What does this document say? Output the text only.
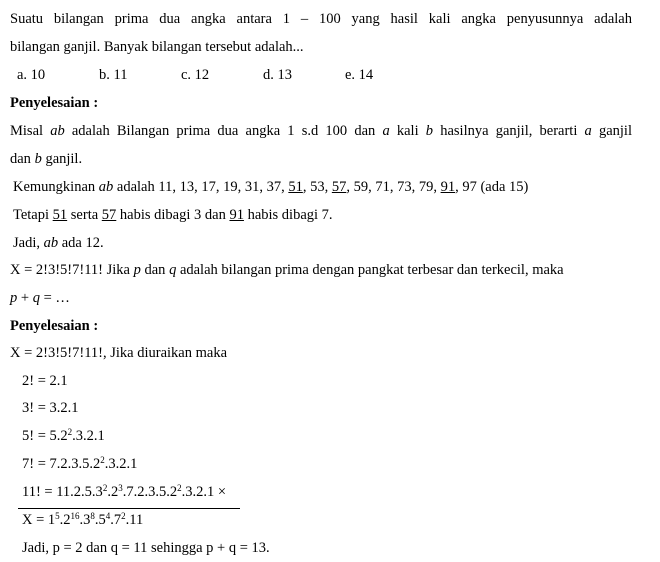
Suatu bilangan prima dua angka antara 1 – 100 yang hasil kali angka penyusunnya adalah
bilangan ganjil. Banyak bilangan tersebut adalah...
a. 10	b. 11	c. 12	d. 13	e. 14
Penyelesaian :
Misal ab adalah Bilangan prima dua angka 1 s.d 100 dan a kali b hasilnya ganjil, berarti a ganjil
dan b ganjil.
Kemungkinan ab adalah 11, 13, 17, 19, 31, 37, 51, 53, 57, 59, 71, 73, 79, 91, 97 (ada 15)
Tetapi 51 serta 57 habis dibagi 3 dan 91 habis dibagi 7.
Jadi, ab ada 12.
X = 2!3!5!7!11! Jika p dan q adalah bilangan prima dengan pangkat terbesar dan terkecil, maka
p + q = …
Penyelesaian :
X = 2!3!5!7!11!, Jika diuraikan maka
2! = 2.1
3! = 3.2.1
5! = $5.2^2.3.2.1$
7! = $7.2.3.5.2^2.3.2.1$
11! = $11.2.5.3^2.2^3.7.2.3.5.2^2.3.2.1$ ×
$X = 1^5.2^{16}.3^8.5^4.7^2.11$
Jadi, p = 2 dan q = 11 sehingga p + q = 13.
